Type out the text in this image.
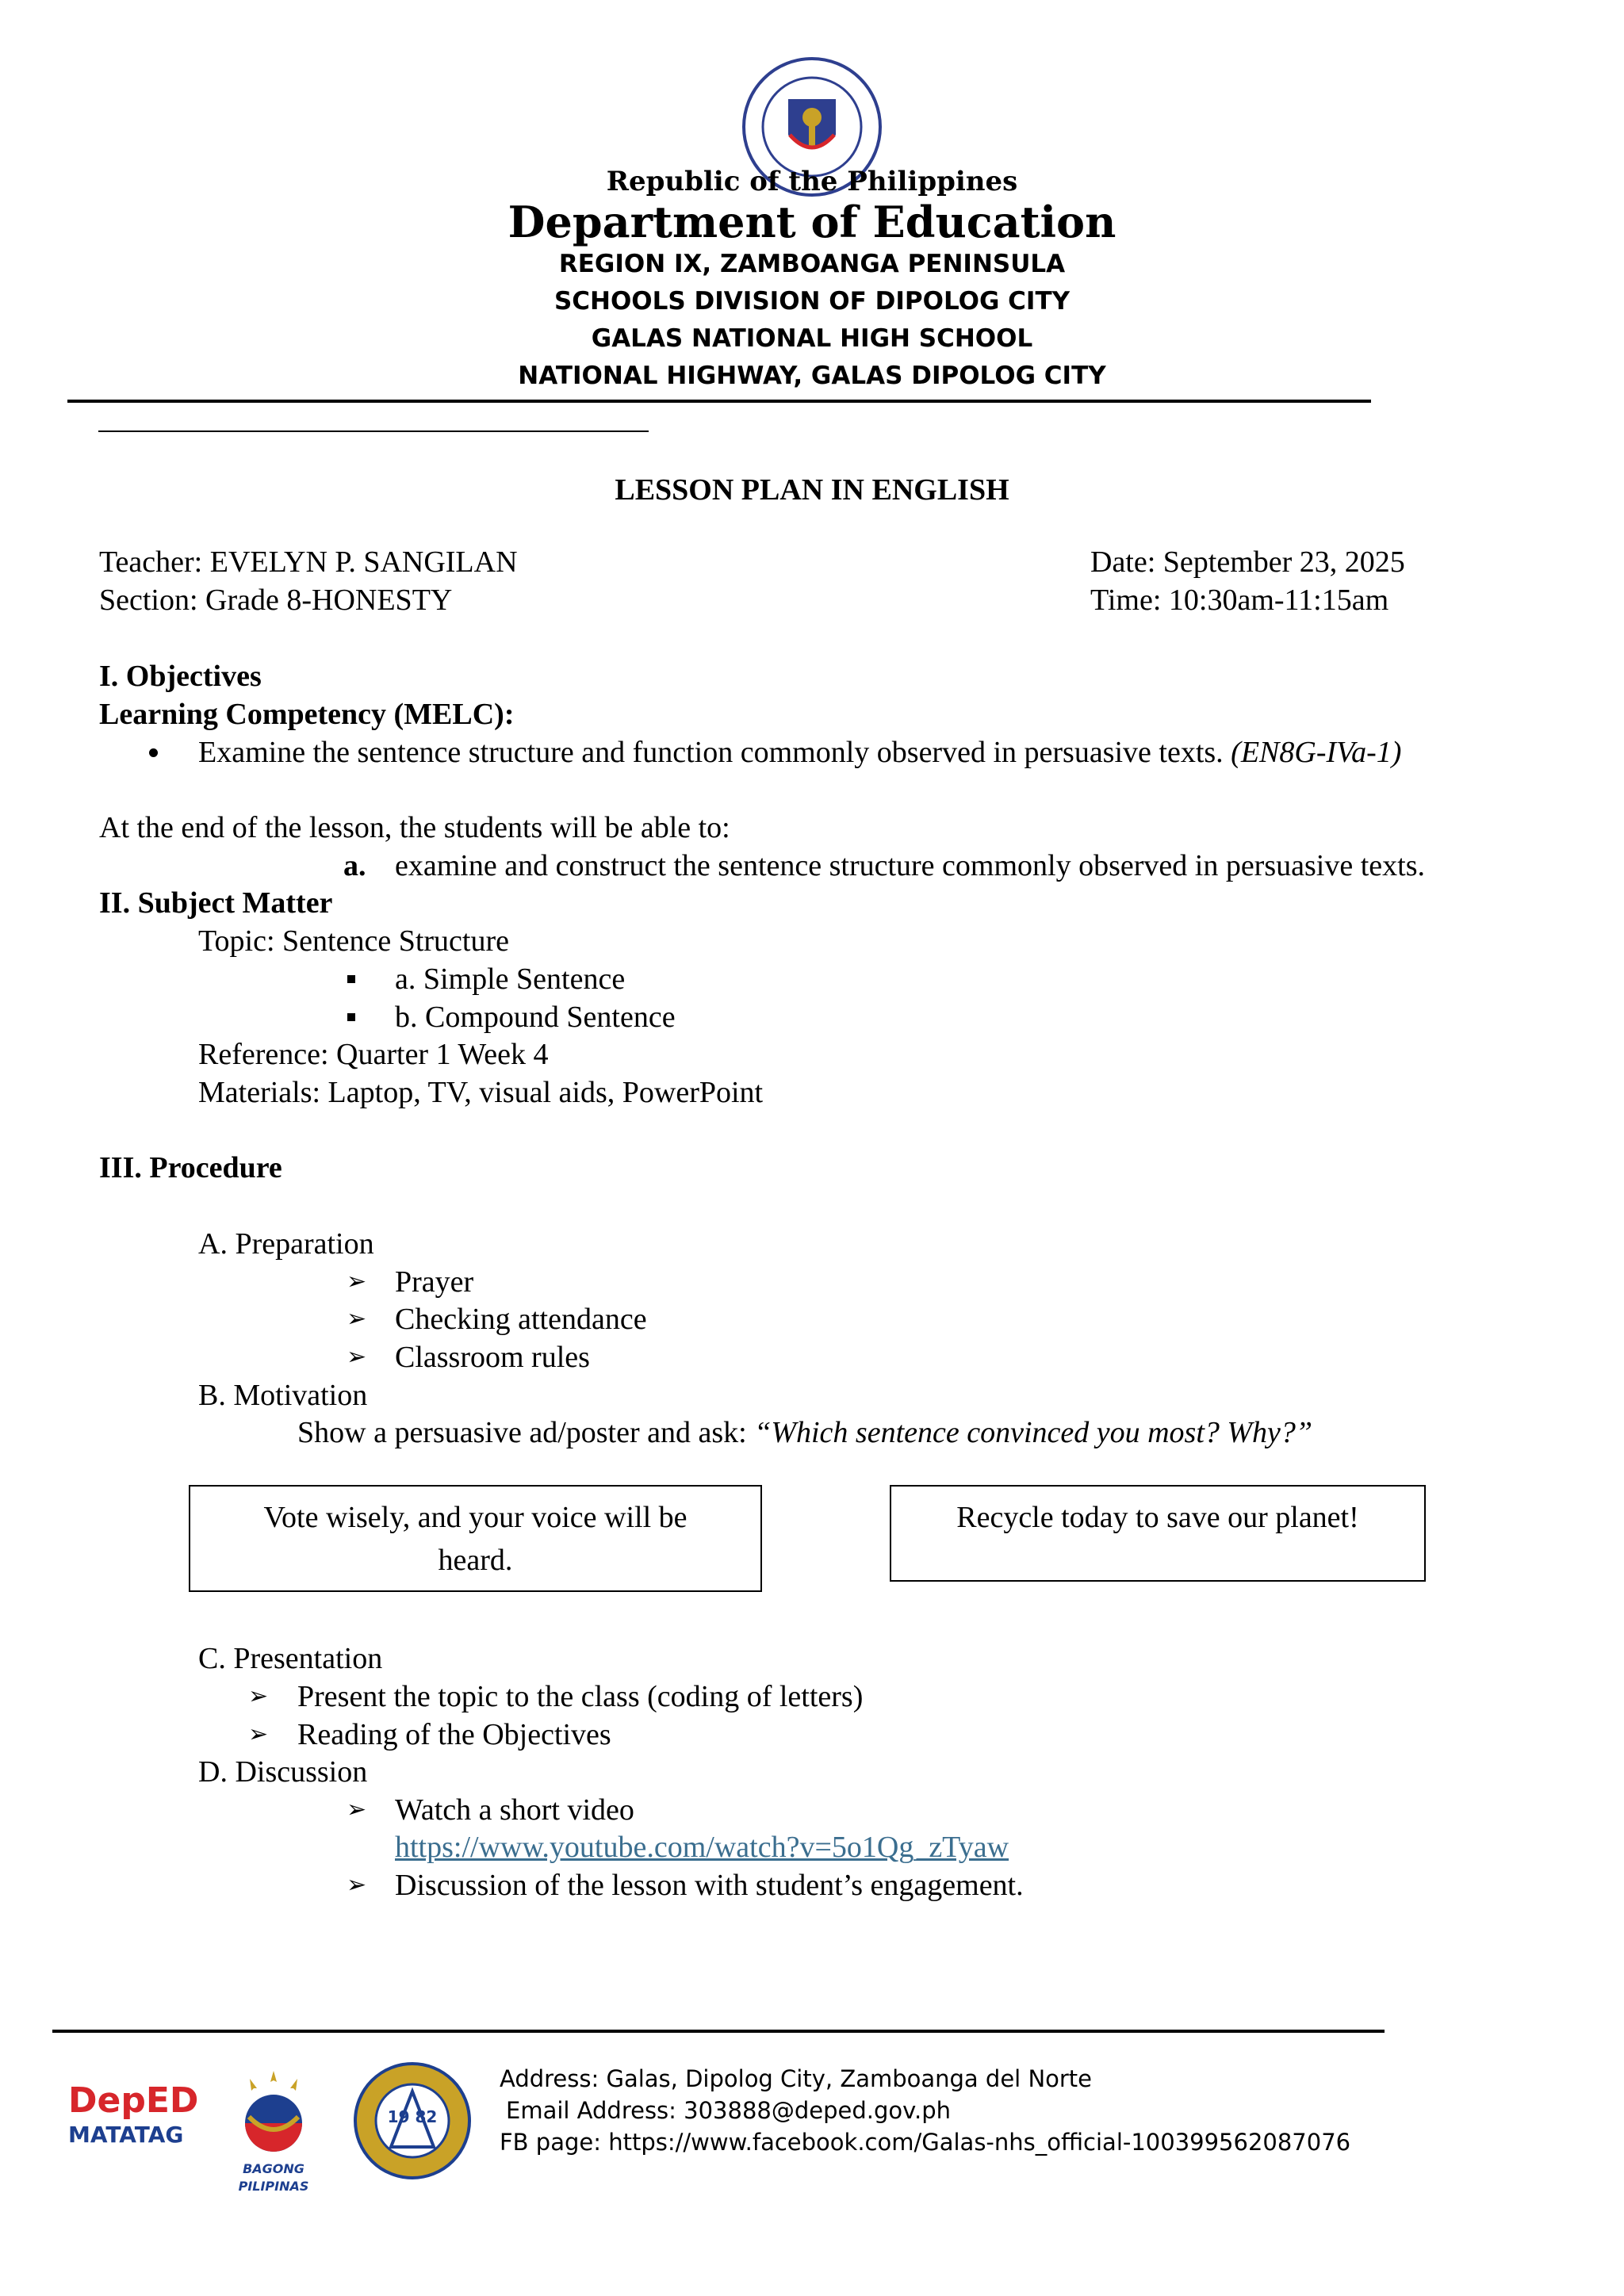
Republic of the Philippines
Department of Education
REGION IX, ZAMBOANGA PENINSULA
SCHOOLS DIVISION OF DIPOLOG CITY
GALAS NATIONAL HIGH SCHOOL
NATIONAL HIGHWAY, GALAS DIPOLOG CITY
LESSON PLAN IN ENGLISH
Teacher: EVELYN P. SANGILAN
Section: Grade 8-HONESTY
Date: September 23, 2025
Time: 10:30am-11:15am
I. Objectives
Learning Competency (MELC):
Examine the sentence structure and function commonly observed in persuasive texts. (EN8G-IVa-1)
At the end of the lesson, the students will be able to:
a. examine and construct the sentence structure commonly observed in persuasive texts.
II. Subject Matter
Topic: Sentence Structure
a. Simple Sentence
b. Compound Sentence
Reference: Quarter 1 Week 4
Materials: Laptop, TV, visual aids, PowerPoint
III. Procedure
A. Preparation
➢ Prayer
➢ Checking attendance
➢ Classroom rules
B. Motivation
Show a persuasive ad/poster and ask: “Which sentence convinced you most? Why?”
Vote wisely, and your voice will be
heard.
Recycle today to save our planet!
C. Presentation
➢ Present the topic to the class (coding of letters)
➢ Reading of the Objectives
D. Discussion
➢ Watch a short video
https://www.youtube.com/watch?v=5o1Qg_zTyaw
➢ Discussion of the lesson with student’s engagement.
DepED
MATATAG
BAGONG PILIPINAS
19 82
Address: Galas, Dipolog City, Zamboanga del Norte
Email Address: 303888@deped.gov.ph
FB page: https://www.facebook.com/Galas-nhs_official-100399562087076
